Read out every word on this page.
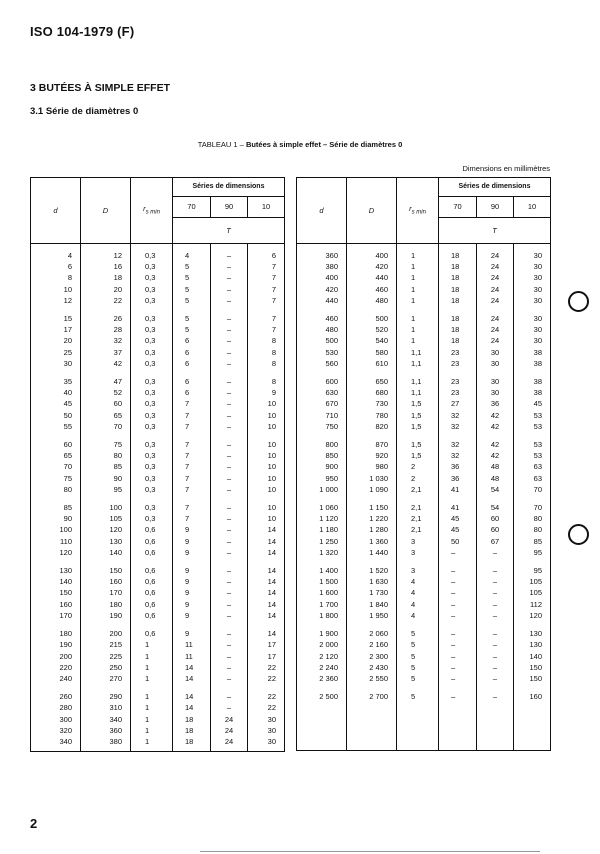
ISO 104-1979 (F)
3 BUTÉES À SIMPLE EFFET
3.1 Série de diamètres 0
TABLEAU 1 – Butées à simple effet – Série de diamètres 0
Dimensions en millimètres
d	D	$r_{s min}$	Séries de dimensions		
			70	90	10
			T		
4	12	0,3	4	–	6
6	16	0,3	5	–	7
8	18	0,3	5	–	7
10	20	0,3	5	–	7
12	22	0,3	5	–	7
15	26	0,3	5	–	7
17	28	0,3	5	–	7
20	32	0,3	6	–	8
25	37	0,3	6	–	8
30	42	0,3	6	–	8
35	47	0,3	6	–	8
40	52	0,3	6	–	9
45	60	0,3	7	–	10
50	65	0,3	7	–	10
55	70	0,3	7	–	10
60	75	0,3	7	–	10
65	80	0,3	7	–	10
70	85	0,3	7	–	10
75	90	0,3	7	–	10
80	95	0,3	7	–	10
85	100	0,3	7	–	10
90	105	0,3	7	–	10
100	120	0,6	9	–	14
110	130	0,6	9	–	14
120	140	0,6	9	–	14
130	150	0,6	9	–	14
140	160	0,6	9	–	14
150	170	0,6	9	–	14
160	180	0,6	9	–	14
170	190	0,6	9	–	14
180	200	0,6	9	–	14
190	215	1	11	–	17
200	225	1	11	–	17
220	250	1	14	–	22
240	270	1	14	–	22
260	290	1	14	–	22
280	310	1	14	–	22
300	340	1	18	24	30
320	360	1	18	24	30
340	380	1	18	24	30
d	D	$r_{s min}$	Séries de dimensions		
			70	90	10
			T		
360	400	1	18	24	30
380	420	1	18	24	30
400	440	1	18	24	30
420	460	1	18	24	30
440	480	1	18	24	30
460	500	1	18	24	30
480	520	1	18	24	30
500	540	1	18	24	30
530	580	1,1	23	30	38
560	610	1,1	23	30	38
600	650	1,1	23	30	38
630	680	1,1	23	30	38
670	730	1,5	27	36	45
710	780	1,5	32	42	53
750	820	1,5	32	42	53
800	870	1,5	32	42	53
850	920	1,5	32	42	53
900	980	2	36	48	63
950	1 030	2	36	48	63
1 000	1 090	2,1	41	54	70
1 060	1 150	2,1	41	54	70
1 120	1 220	2,1	45	60	80
1 180	1 280	2,1	45	60	80
1 250	1 360	3	50	67	85
1 320	1 440	3	–	–	95
1 400	1 520	3	–	–	95
1 500	1 630	4	–	–	105
1 600	1 730	4	–	–	105
1 700	1 840	4	–	–	112
1 800	1 950	4	–	–	120
1 900	2 060	5	–	–	130
2 000	2 160	5	–	–	130
2 120	2 300	5	–	–	140
2 240	2 430	5	–	–	150
2 360	2 550	5	–	–	150
2 500	2 700	5	–	–	160

2
